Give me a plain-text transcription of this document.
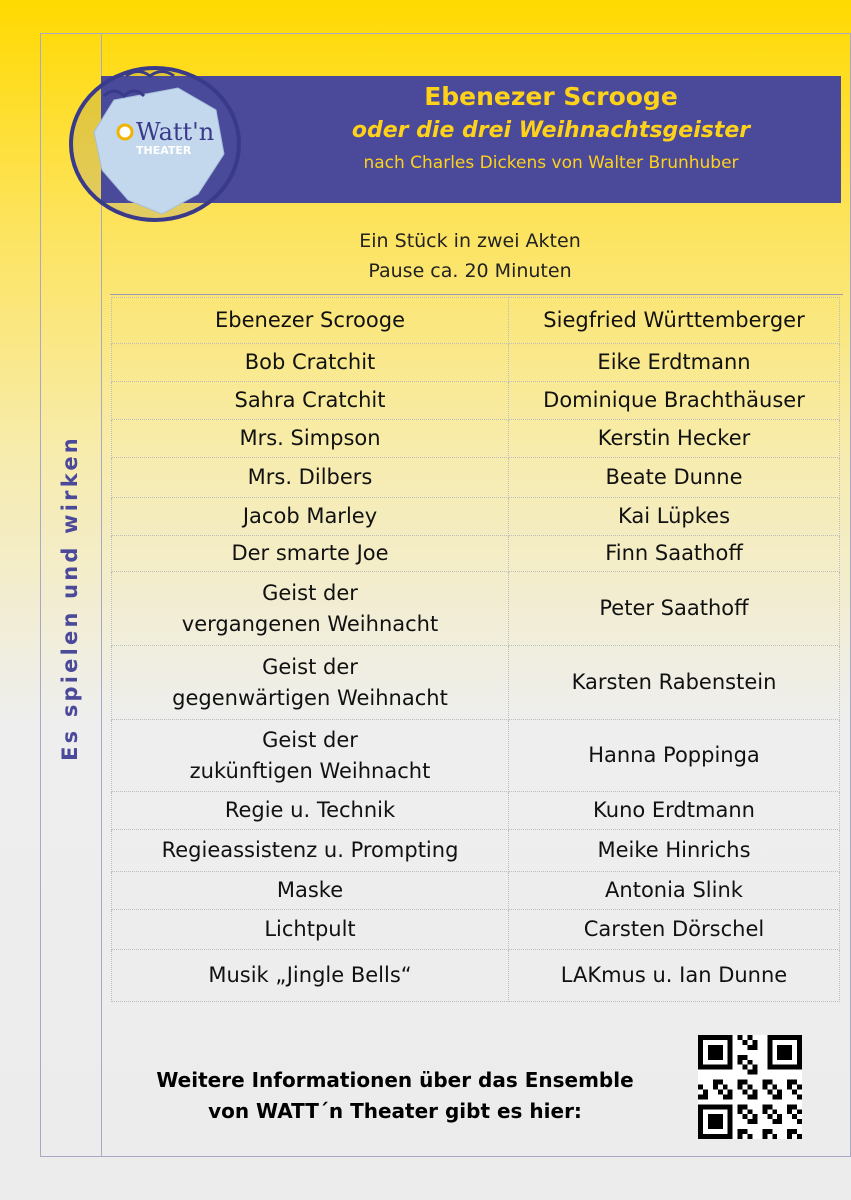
Es spielen und wirken
Ebenezer Scrooge
oder die drei Weihnachtsgeister
nach Charles Dickens von Walter Brunhuber
Watt'n
THEATER
Ein Stück in zwei Akten
Pause ca. 20 Minuten
Ebenezer Scrooge	Siegfried Württemberger

Bob Cratchit	Eike Erdtmann

Sahra Cratchit	Dominique Brachthäuser

Mrs. Simpson	Kerstin Hecker

Mrs. Dilbers	Beate Dunne

Jacob Marley	Kai Lüpkes

Der smarte Joe	Finn Saathoff

Geist der
vergangenen Weihnacht	Peter Saathoff

Geist der
gegenwärtigen Weihnacht	Karsten Rabenstein

Geist der
zukünftigen Weihnacht	Hanna Poppinga

Regie u. Technik	Kuno Erdtmann

Regieassistenz u. Prompting	Meike Hinrichs

Maske	Antonia Slink

Lichtpult	Carsten Dörschel

Musik „Jingle Bells“	LAKmus u. Ian Dunne
Weitere Informationen über das Ensemble
von WATT´n Theater gibt es hier:
